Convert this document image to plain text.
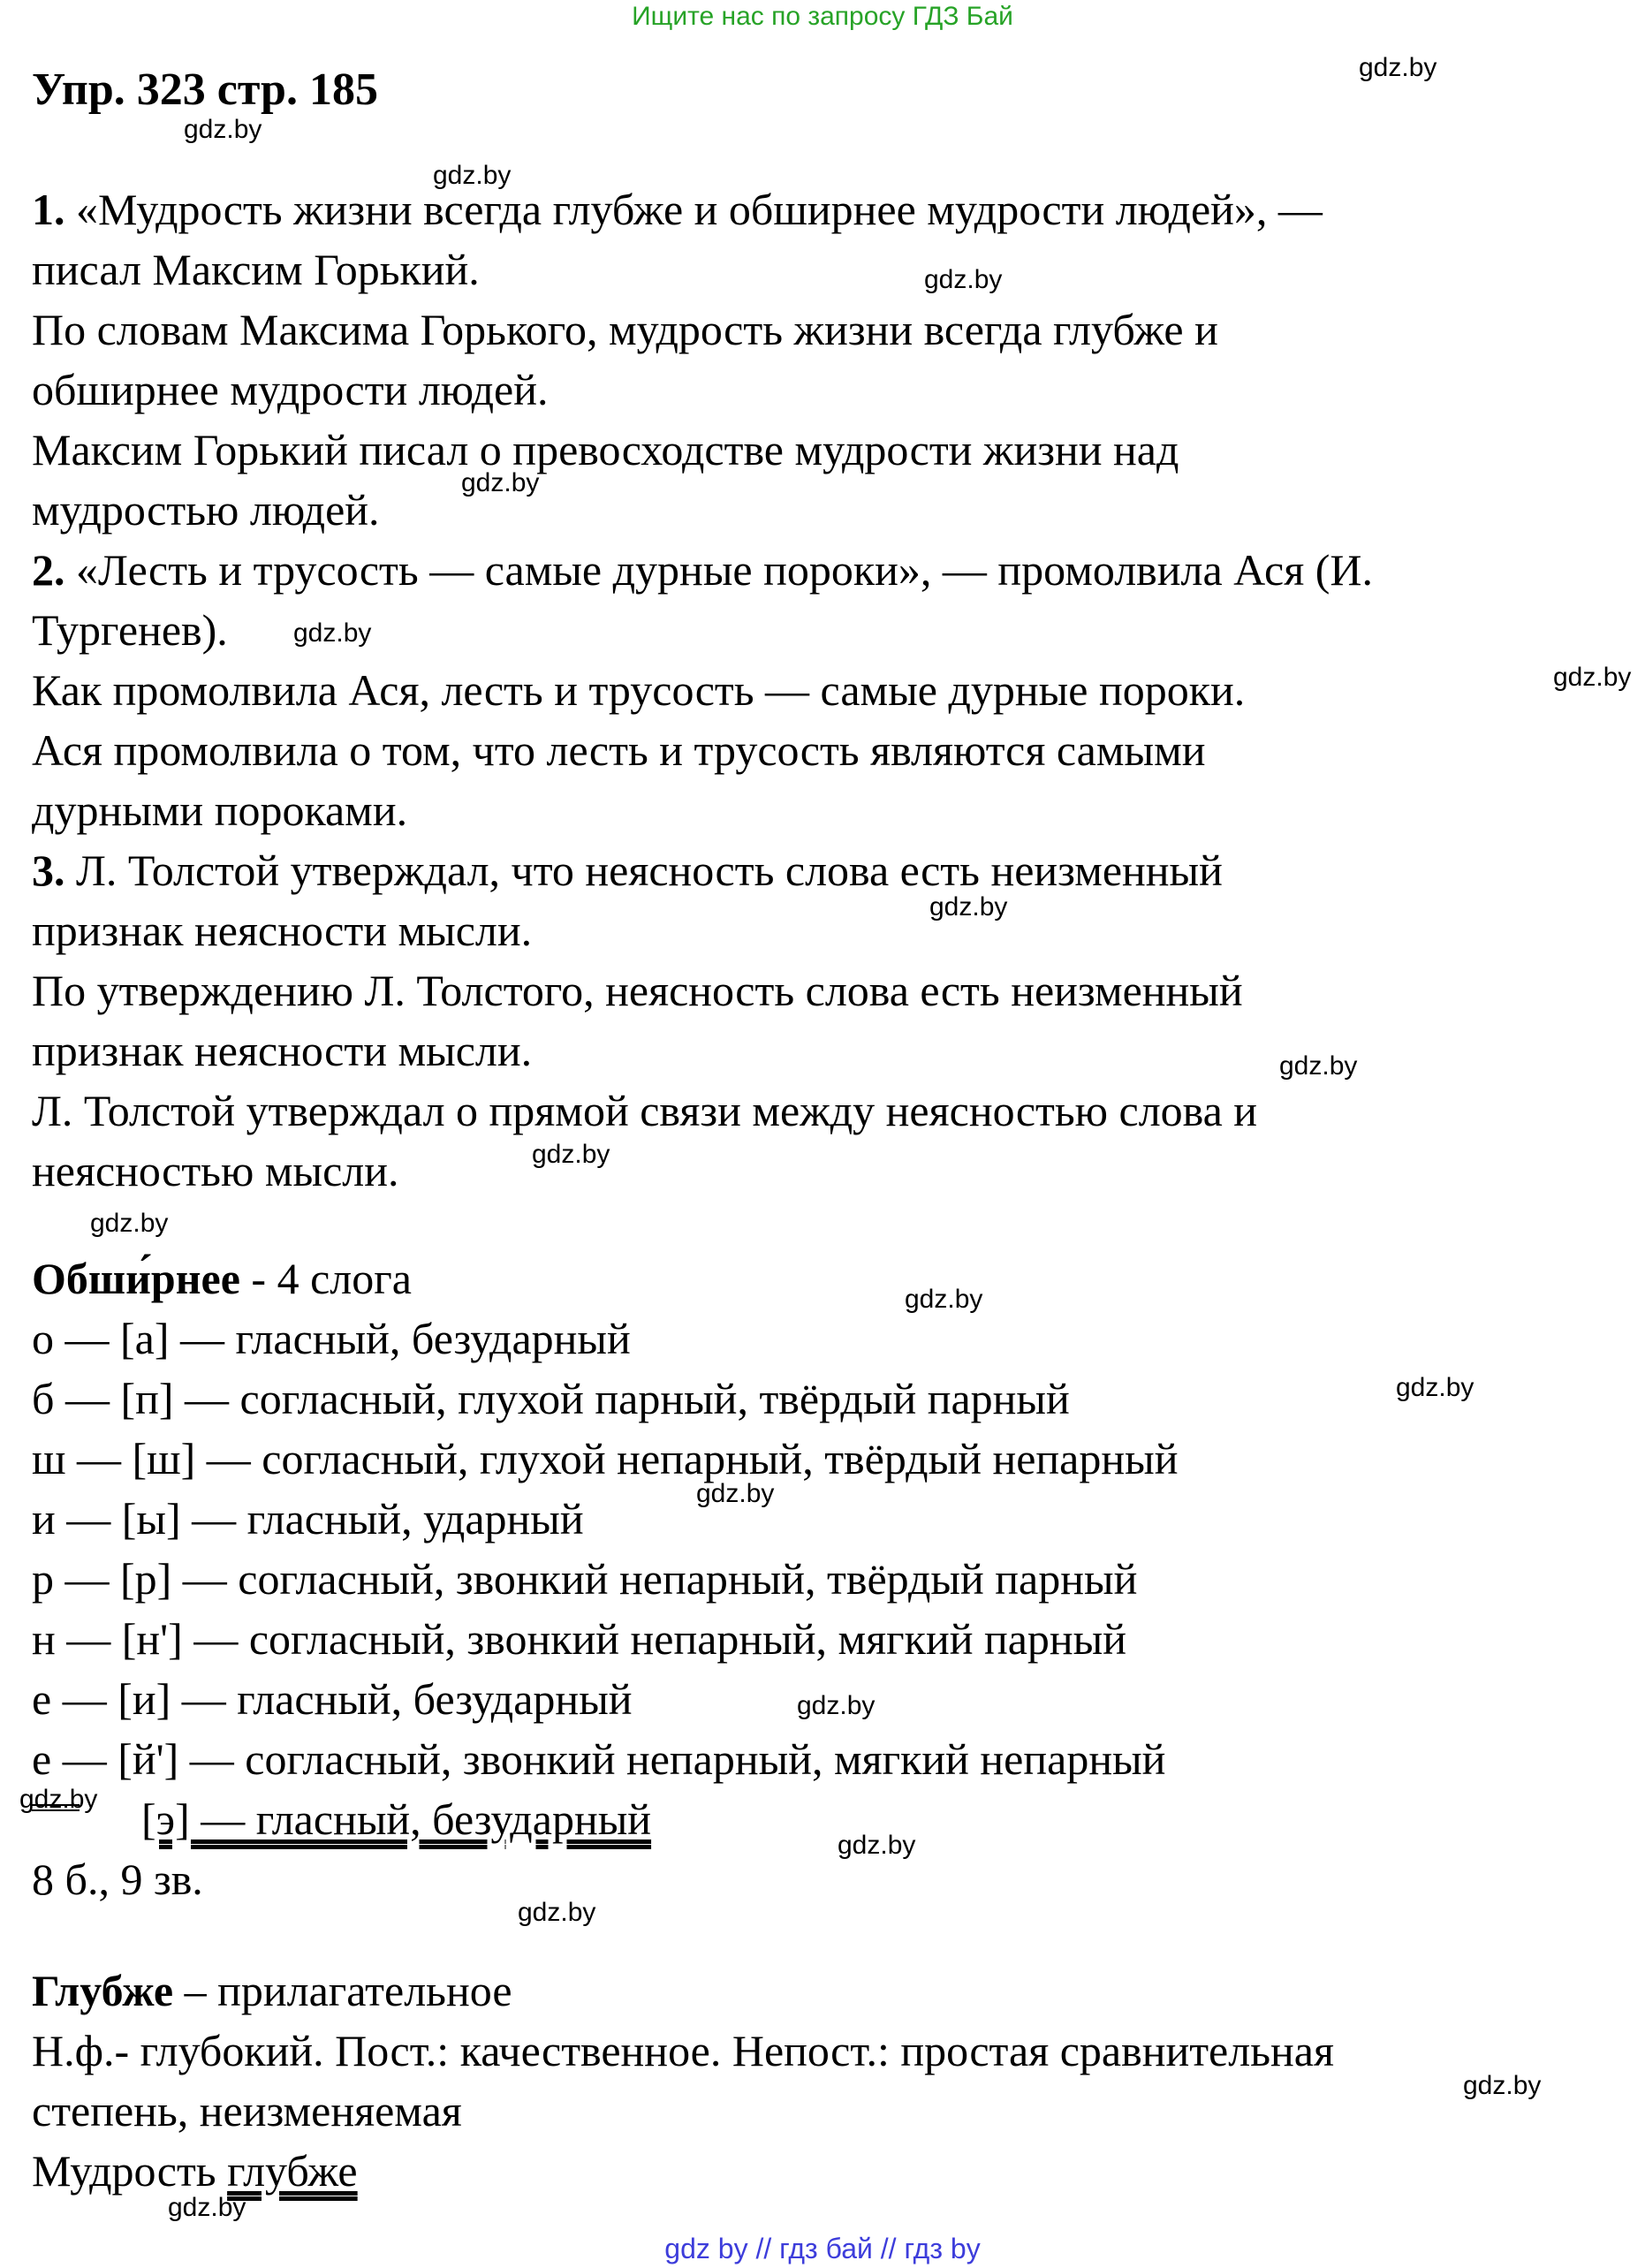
Ищите нас по запросу ГДЗ Бай
Упр. 323 стр. 185
1. «Мудрость жизни всегда глубже и обширнее мудрости людей», —
писал Максим Горький.
По словам Максима Горького, мудрость жизни всегда глубже и
обширнее мудрости людей.
Максим Горький писал о превосходстве мудрости жизни над
мудростью людей.
2. «Лесть и трусость — самые дурные пороки», — промолвила Ася (И.
Тургенев).
Как промолвила Ася, лесть и трусость — самые дурные пороки.
Ася промолвила о том, что лесть и трусость являются самыми
дурными пороками.
3. Л. Толстой утверждал, что неясность слова есть неизменный
признак неясности мысли.
По утверждению Л. Толстого, неясность слова есть неизменный
признак неясности мысли.
Л. Толстой утверждал о прямой связи между неясностью слова и
неясностью мысли.
Обши́рнее - 4 слога
о — [а] — гласный, безударный
б — [п] — согласный, глухой парный, твёрдый парный
ш — [ш] — согласный, глухой непарный, твёрдый непарный
и — [ы] — гласный, ударный
р — [р] — согласный, звонкий непарный, твёрдый парный
н — [н'] — согласный, звонкий непарный, мягкий парный
е — [и] — гласный, безударный
е — [й'] — согласный, звонкий непарный, мягкий непарный
[э] — гласный, безударный
8 б., 9 зв.
Глубже – прилагательное
Н.ф.- глубокий. Пост.: качественное. Непост.: простая сравнительная
степень, неизменяемая
Мудрость глубже
gdz.by
gdz.by
gdz.by
gdz.by
gdz.by
gdz.by
gdz.by
gdz.by
gdz.by
gdz.by
gdz.by
gdz.by
gdz.by
gdz.by
gdz.by
gdz.by
gdz.by
gdz.by
gdz.by
gdz.by
gdz by // гдз бай // гдз by
